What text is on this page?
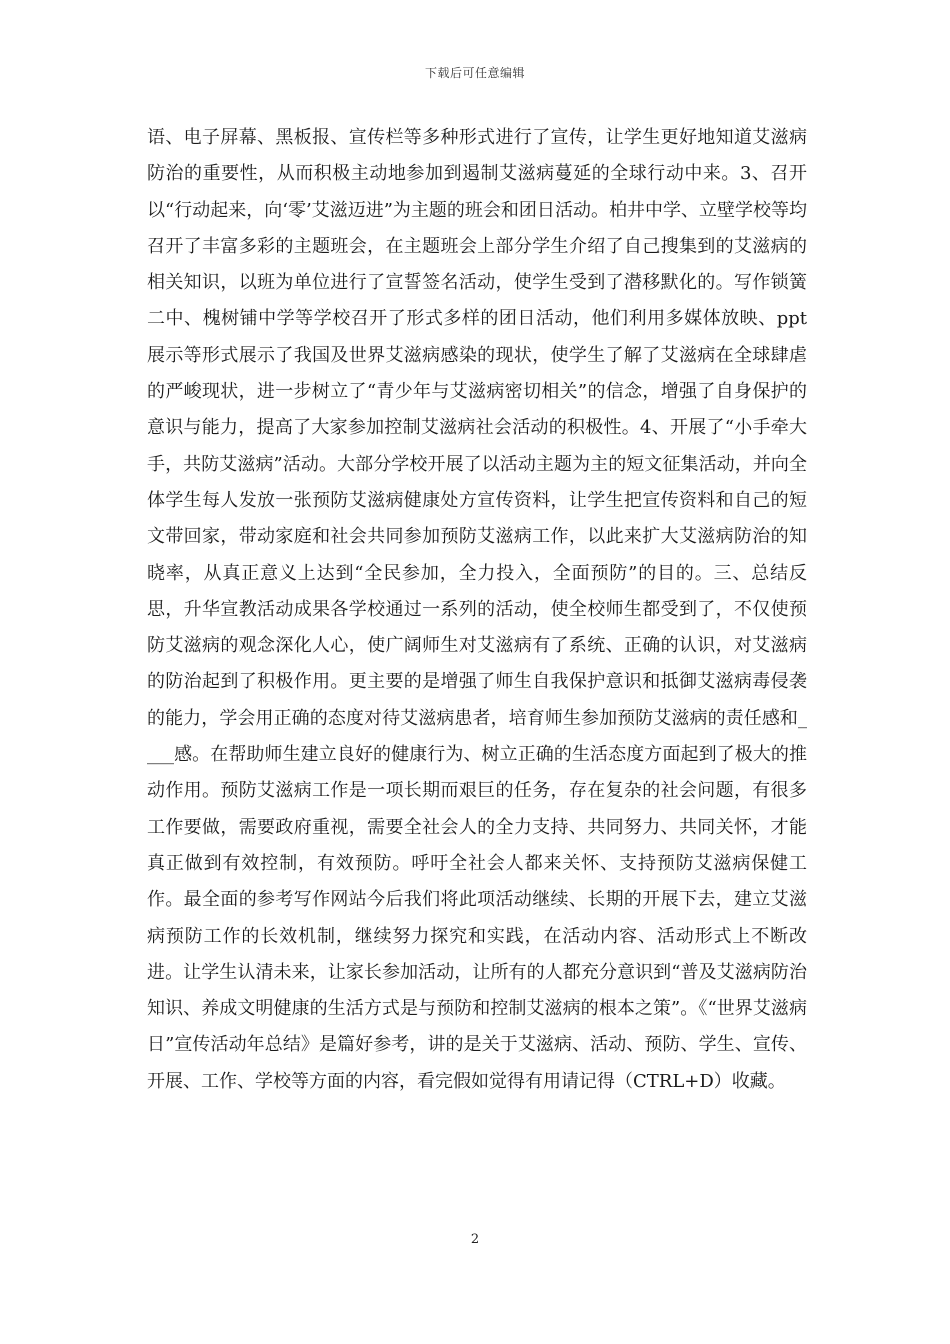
下载后可任意编辑

语、电子屏幕、黑板报、宣传栏等多种形式进行了宣传，让学生更好地知道艾滋病防治的重要性，从而积极主动地参加到遏制艾滋病蔓延的全球行动中来。3、召开以“行动起来，向‘零’艾滋迈进”为主题的班会和团日活动。柏井中学、立壁学校等均召开了丰富多彩的主题班会，在主题班会上部分学生介绍了自己搜集到的艾滋病的相关知识，以班为单位进行了宣誓签名活动，使学生受到了潜移默化的。写作锁簧二中、槐树铺中学等学校召开了形式多样的团日活动，他们利用多媒体放映、ppt展示等形式展示了我国及世界艾滋病感染的现状，使学生了解了艾滋病在全球肆虐的严峻现状，进一步树立了“青少年与艾滋病密切相关”的信念，增强了自身保护的意识与能力，提高了大家参加控制艾滋病社会活动的积极性。4、开展了“小手牵大手，共防艾滋病”活动。大部分学校开展了以活动主题为主的短文征集活动，并向全体学生每人发放一张预防艾滋病健康处方宣传资料，让学生把宣传资料和自己的短文带回家，带动家庭和社会共同参加预防艾滋病工作，以此来扩大艾滋病防治的知晓率，从真正意义上达到“全民参加，全力投入，全面预防”的目的。三、总结反思，升华宣教活动成果各学校通过一系列的活动，使全校师生都受到了，不仅使预防艾滋病的观念深化人心，使广阔师生对艾滋病有了系统、正确的认识，对艾滋病的防治起到了积极作用。更主要的是增强了师生自我保护意识和抵御艾滋病毒侵袭的能力，学会用正确的态度对待艾滋病患者，培育师生参加预防艾滋病的责任感和____感。在帮助师生建立良好的健康行为、树立正确的生活态度方面起到了极大的推动作用。预防艾滋病工作是一项长期而艰巨的任务，存在复杂的社会问题，有很多工作要做，需要政府重视，需要全社会人的全力支持、共同努力、共同关怀，才能真正做到有效控制，有效预防。呼吁全社会人都来关怀、支持预防艾滋病保健工作。最全面的参考写作网站今后我们将此项活动继续、长期的开展下去，建立艾滋病预防工作的长效机制，继续努力探究和实践，在活动内容、活动形式上不断改进。让学生认清未来，让家长参加活动，让所有的人都充分意识到“普及艾滋病防治知识、养成文明健康的生活方式是与预防和控制艾滋病的根本之策”。《“世界艾滋病日”宣传活动年总结》是篇好参考，讲的是关于艾滋病、活动、预防、学生、宣传、开展、工作、学校等方面的内容，看完假如觉得有用请记得（CTRL+D）收藏。

2
